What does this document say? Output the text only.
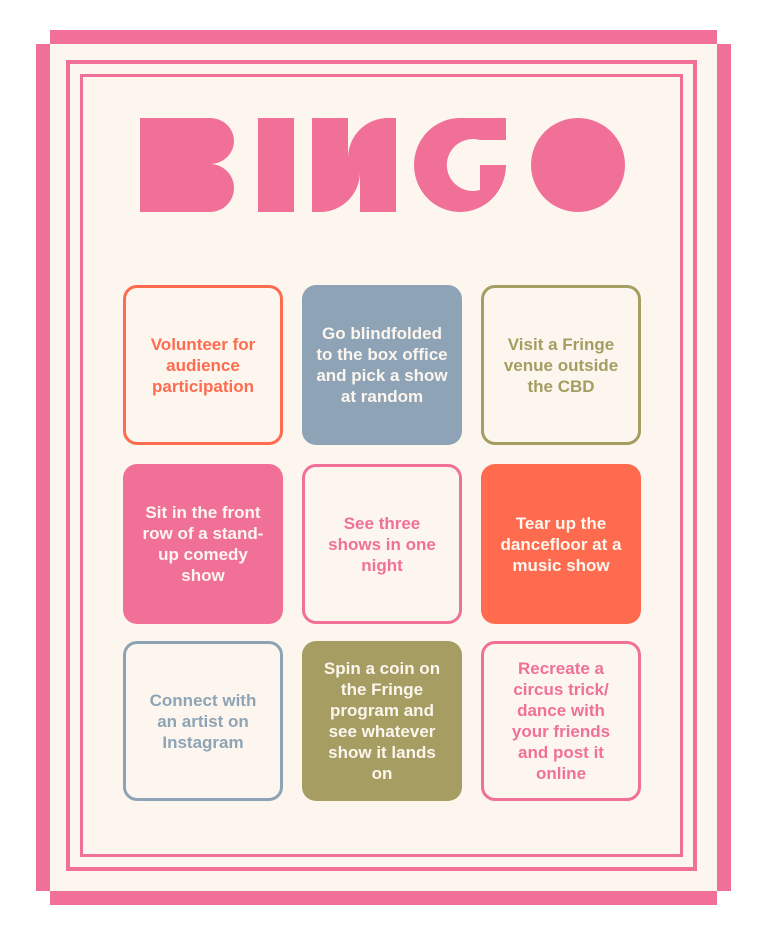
Volunteer for audience participation
Go blindfolded to the box office and pick a show at random
Visit a Fringe venue outside the CBD
Sit in the front row of a stand-up comedy show
See three shows in one night
Tear up the dancefloor at a music show
Connect with an artist on Instagram
Spin a coin on the Fringe program and see whatever show it lands on
Recreate a circus trick/ dance with your friends and post it online
